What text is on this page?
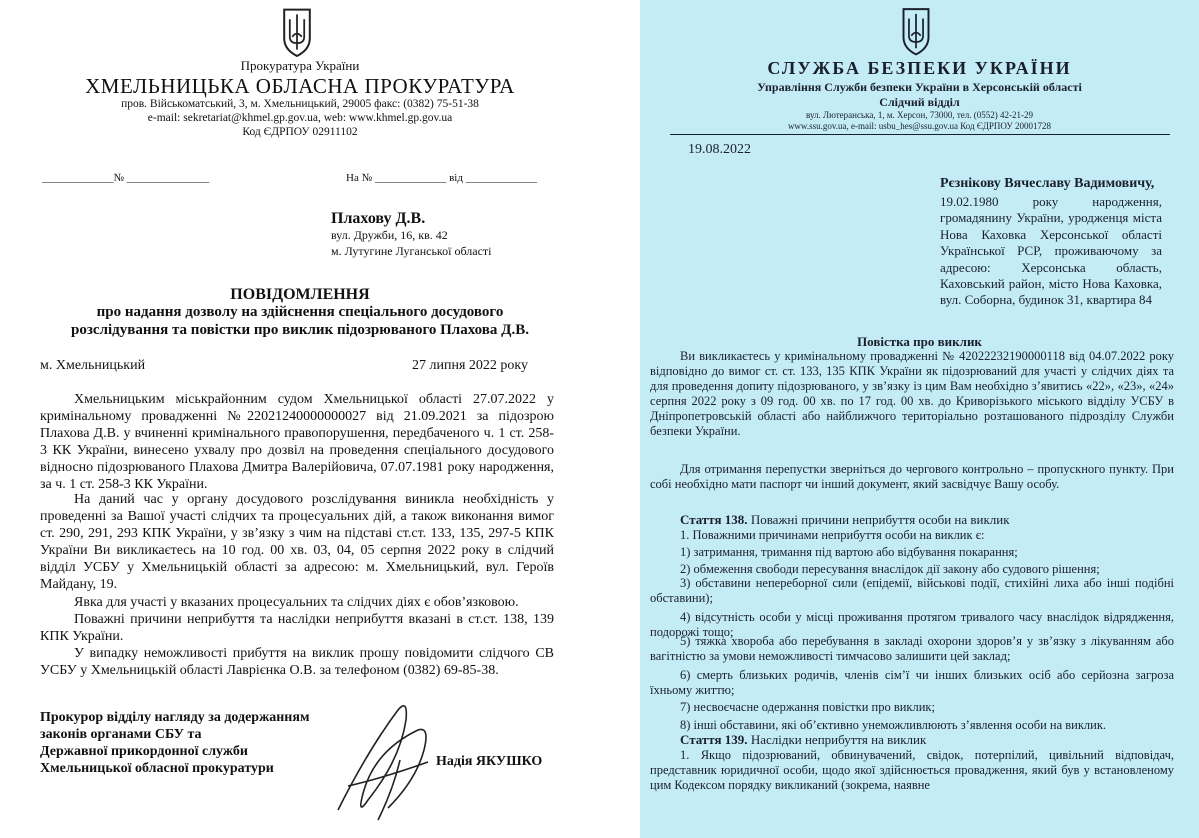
Прокуратура України

ХМЕЛЬНИЦЬКА ОБЛАСНА ПРОКУРАТУРА

пров. Військоматський, 3, м. Хмельницький, 29005 факс: (0382) 75-51-38

e-mail: sekretariat@khmel.gp.gov.ua, web: www.khmel.gp.gov.ua

Код ЄДРПОУ 02911102

_____________№ _______________	На № _____________ від _____________

Плахову Д.В.

вул. Дружби, 16, кв. 42

м. Лутугине Луганської області

ПОВІДОМЛЕННЯ

про надання дозволу на здійснення спеціального досудового

розслідування та повістки про виклик підозрюваного Плахова Д.В.

м. Хмельницький	27 липня 2022 року

Хмельницьким міськрайонним судом Хмельницької області 27.07.2022 у кримінальному провадженні №22021240000000027 від 21.09.2021 за підозрою Плахова Д.В. у вчиненні кримінального правопорушення, передбаченого ч. 1 ст. 258-3 КК України, винесено ухвалу про дозвіл на проведення спеціального досудового відносно підозрюваного Плахова Дмитра Валерійовича, 07.07.1981 року народження, за ч. 1 ст. 258-3 КК України.

На даний час у органу досудового розслідування виникла необхідність у проведенні за Вашої участі слідчих та процесуальних дій, а також виконання вимог ст. 290, 291, 293 КПК України, у зв’язку з чим на підставі ст.ст. 133, 135, 297-5 КПК України Ви викликаєтесь на 10 год. 00 хв. 03, 04, 05 серпня 2022 року в слідчий відділ УСБУ у Хмельницькій області за адресою: м. Хмельницький, вул. Героїв Майдану, 19.

Явка для участі у вказаних процесуальних та слідчих діях є обов’язковою.

Поважні причини неприбуття та наслідки неприбуття вказані в ст.ст. 138, 139 КПК України.

У випадку неможливості прибуття на виклик прошу повідомити слідчого СВ УСБУ у Хмельницькій області Лаврієнка О.В. за телефоном (0382) 69-85-38.

Прокурор відділу нагляду за додержанням

законів органами СБУ та

Державної прикордонної служби

Хмельницької обласної прокуратури	Надія ЯКУШКО

СЛУЖБА БЕЗПЕКИ УКРАЇНИ

Управління Служби безпеки України в Херсонській області

Слідчий відділ

вул. Лютеранська, 1, м. Херсон, 73000, тел. (0552) 42-21-29

www.ssu.gov.ua, e-mail: usbu_hes@ssu.gov.ua Код ЄДРПОУ 20001728

19.08.2022

Рєзнікову Вячеславу Вадимовичу,

19.02.1980 року народження, громадянину України, уродженця міста Нова Каховка Херсонської області Української РСР, проживаючому за адресою: Херсонська область, Каховський район, місто Нова Каховка, вул. Соборна, будинок 31, квартира 84

Повістка про виклик

Ви викликаєтесь у кримінальному провадженні № 42022232190000118 від 04.07.2022 року відповідно до вимог ст. ст. 133, 135 КПК України як підозрюваний для участі у слідчих діях та для проведення допиту підозрюваного, у зв’язку із цим Вам необхідно з’явитись «22», «23», «24» серпня 2022 року з 09 год. 00 хв. по 17 год. 00 хв. до Криворізького міського відділу УСБУ в Дніпропетровській області або найближчого територіально розташованого підрозділу Служби безпеки України.

Для отримання перепустки зверніться до чергового контрольно – пропускного пункту. При собі необхідно мати паспорт чи інший документ, який засвідчує Вашу особу.

Стаття 138. Поважні причини неприбуття особи на виклик

1. Поважними причинами неприбуття особи на виклик є:

1) затримання, тримання під вартою або відбування покарання;

2) обмеження свободи пересування внаслідок дії закону або судового рішення;

3) обставини непереборної сили (епідемії, військові події, стихійні лиха або інші подібні обставини);

4) відсутність особи у місці проживання протягом тривалого часу внаслідок відрядження, подорожі тощо;

5) тяжка хвороба або перебування в закладі охорони здоров’я у зв’язку з лікуванням або вагітністю за умови неможливості тимчасово залишити цей заклад;

6) смерть близьких родичів, членів сім’ї чи інших близьких осіб або серйозна загроза їхньому життю;

7) несвоєчасне одержання повістки про виклик;

8) інші обставини, які об’єктивно унеможливлюють з’явлення особи на виклик.

Стаття 139. Наслідки неприбуття на виклик

1. Якщо підозрюваний, обвинувачений, свідок, потерпілий, цивільний відповідач, представник юридичної особи, щодо якої здійснюється провадження, який був у встановленому цим Кодексом порядку викликаний (зокрема, наявне
